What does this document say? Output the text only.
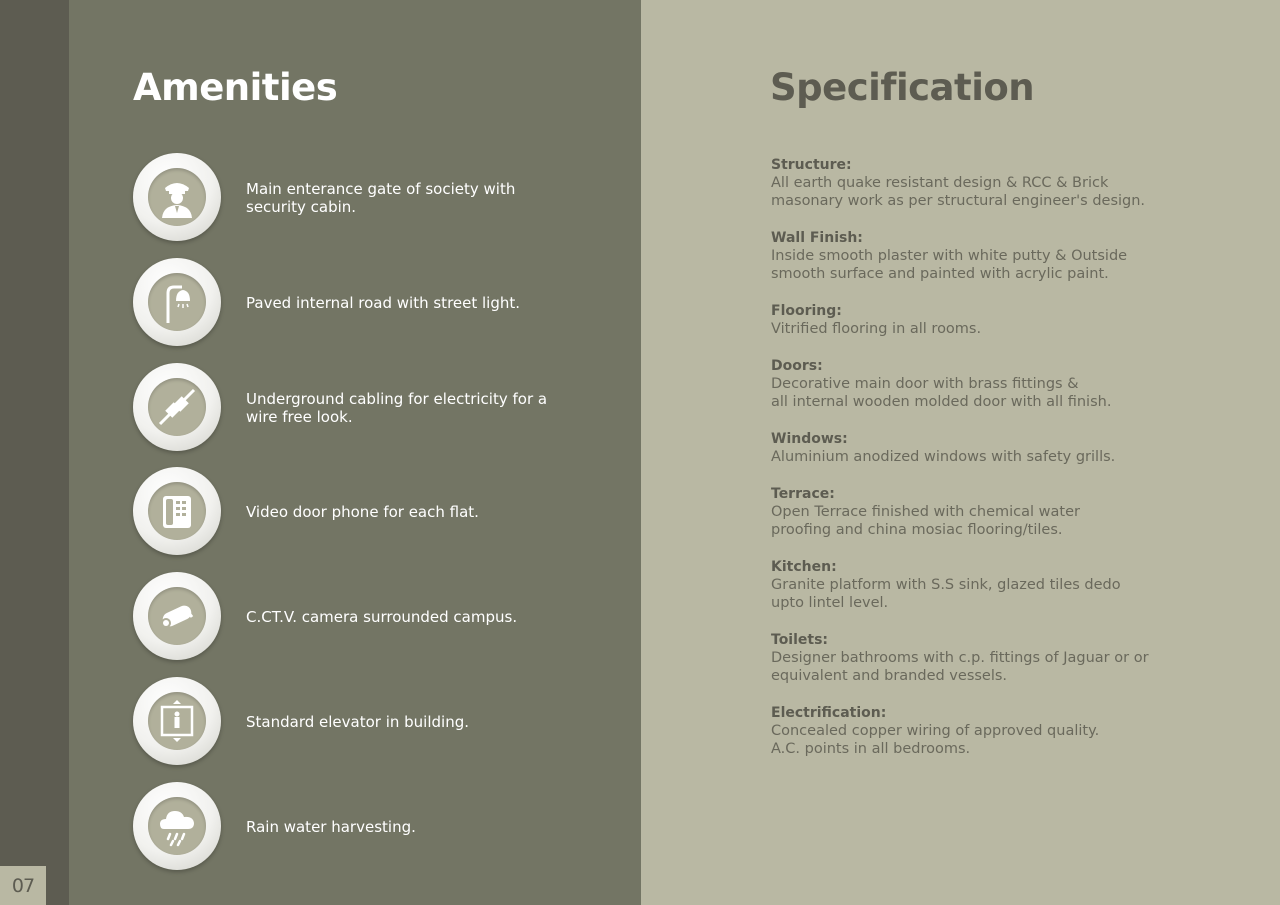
07
Amenities
Main enterance gate of society with security cabin.
Paved internal road with street light.
Underground cabling for electricity for a wire free look.
Video door phone for each flat.
C.CT.V. camera surrounded campus.
Standard elevator in building.
Rain water harvesting.
Specification

Structure:

All earth quake resistant design & RCC & Brick
masonary work as per structural engineer's design.

Wall Finish:

Inside smooth plaster with white putty & Outside
smooth surface and painted with acrylic paint.

Flooring:

Vitrified flooring in all rooms.

Doors:

Decorative main door with brass fittings &
all internal wooden molded door with all finish.

Windows:

Aluminium anodized windows with safety grills.

Terrace:

Open Terrace finished with chemical water
proofing and china mosiac flooring/tiles.

Kitchen:

Granite platform with S.S sink, glazed tiles dedo
upto lintel level.

Toilets:

Designer bathrooms with c.p. fittings of Jaguar or or
equivalent and branded vessels.

Electrification:

Concealed copper wiring of approved quality.
A.C. points in all bedrooms.
